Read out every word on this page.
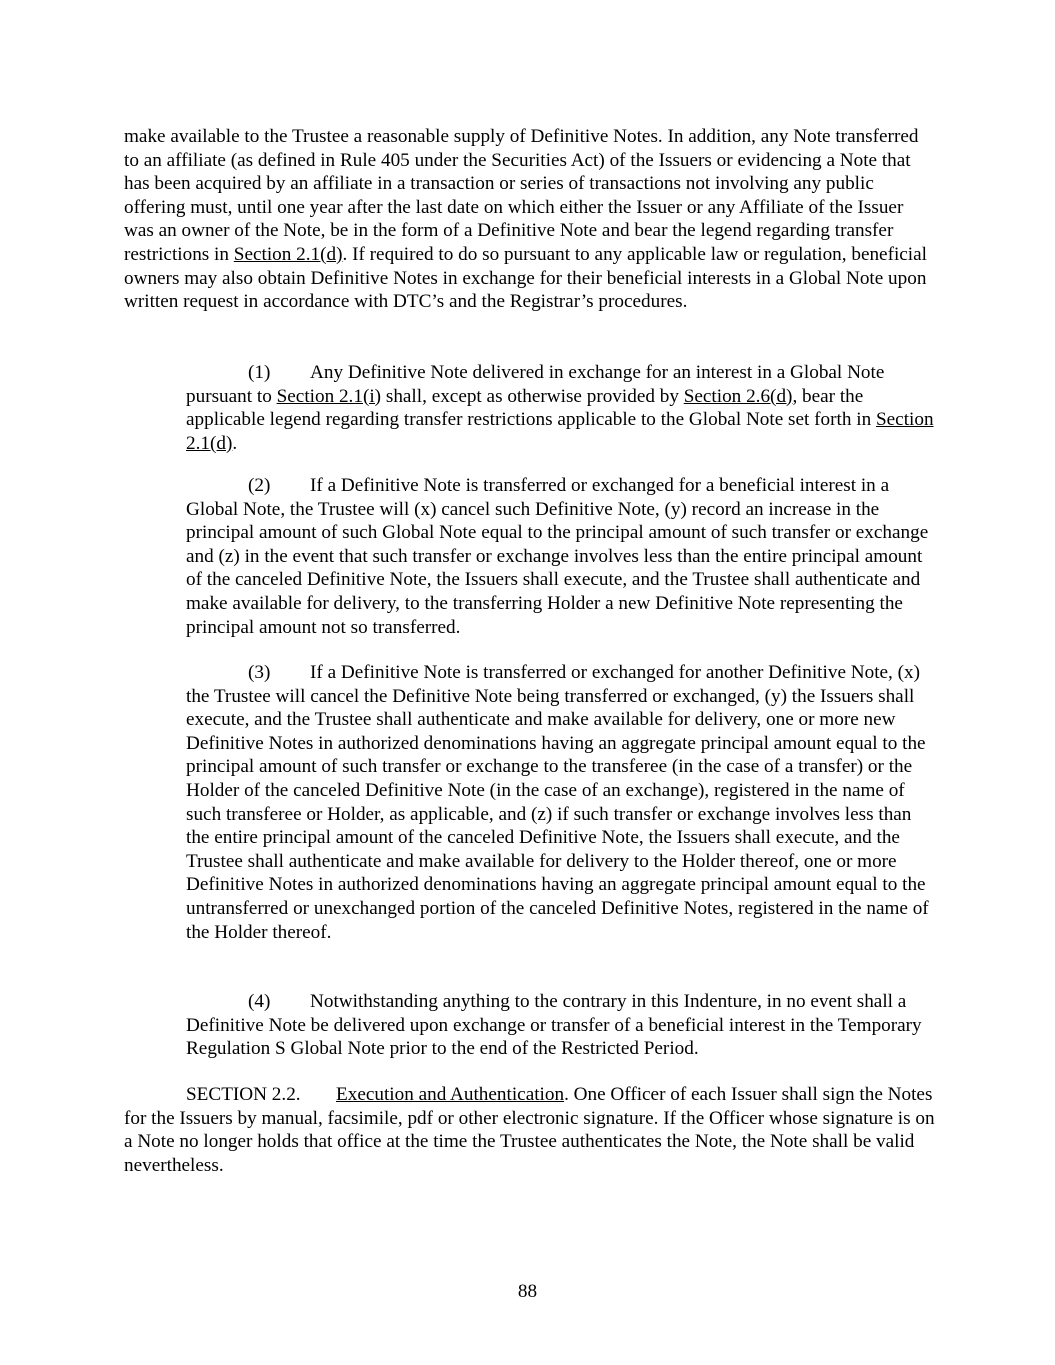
make available to the Trustee a reasonable supply of Definitive Notes. In addition, any Note transferred to an affiliate (as defined in Rule 405 under the Securities Act) of the Issuers or evidencing a Note that has been acquired by an affiliate in a transaction or series of transactions not involving any public offering must, until one year after the last date on which either the Issuer or any Affiliate of the Issuer was an owner of the Note, be in the form of a Definitive Note and bear the legend regarding transfer restrictions in Section 2.1(d). If required to do so pursuant to any applicable law or regulation, beneficial owners may also obtain Definitive Notes in exchange for their beneficial interests in a Global Note upon written request in accordance with DTC’s and the Registrar’s procedures.

(1) Any Definitive Note delivered in exchange for an interest in a Global Note pursuant to Section 2.1(i) shall, except as otherwise provided by Section 2.6(d), bear the applicable legend regarding transfer restrictions applicable to the Global Note set forth in Section 2.1(d).

(2) If a Definitive Note is transferred or exchanged for a beneficial interest in a Global Note, the Trustee will (x) cancel such Definitive Note, (y) record an increase in the principal amount of such Global Note equal to the principal amount of such transfer or exchange and (z) in the event that such transfer or exchange involves less than the entire principal amount of the canceled Definitive Note, the Issuers shall execute, and the Trustee shall authenticate and make available for delivery, to the transferring Holder a new Definitive Note representing the principal amount not so transferred.

(3) If a Definitive Note is transferred or exchanged for another Definitive Note, (x) the Trustee will cancel the Definitive Note being transferred or exchanged, (y) the Issuers shall execute, and the Trustee shall authenticate and make available for delivery, one or more new Definitive Notes in authorized denominations having an aggregate principal amount equal to the principal amount of such transfer or exchange to the transferee (in the case of a transfer) or the Holder of the canceled Definitive Note (in the case of an exchange), registered in the name of such transferee or Holder, as applicable, and (z) if such transfer or exchange involves less than the entire principal amount of the canceled Definitive Note, the Issuers shall execute, and the Trustee shall authenticate and make available for delivery to the Holder thereof, one or more Definitive Notes in authorized denominations having an aggregate principal amount equal to the untransferred or unexchanged portion of the canceled Definitive Notes, registered in the name of the Holder thereof.

(4) Notwithstanding anything to the contrary in this Indenture, in no event shall a Definitive Note be delivered upon exchange or transfer of a beneficial interest in the Temporary Regulation S Global Note prior to the end of the Restricted Period.

SECTION 2.2. Execution and Authentication. One Officer of each Issuer shall sign the Notes for the Issuers by manual, facsimile, pdf or other electronic signature. If the Officer whose signature is on a Note no longer holds that office at the time the Trustee authenticates the Note, the Note shall be valid nevertheless.

88
